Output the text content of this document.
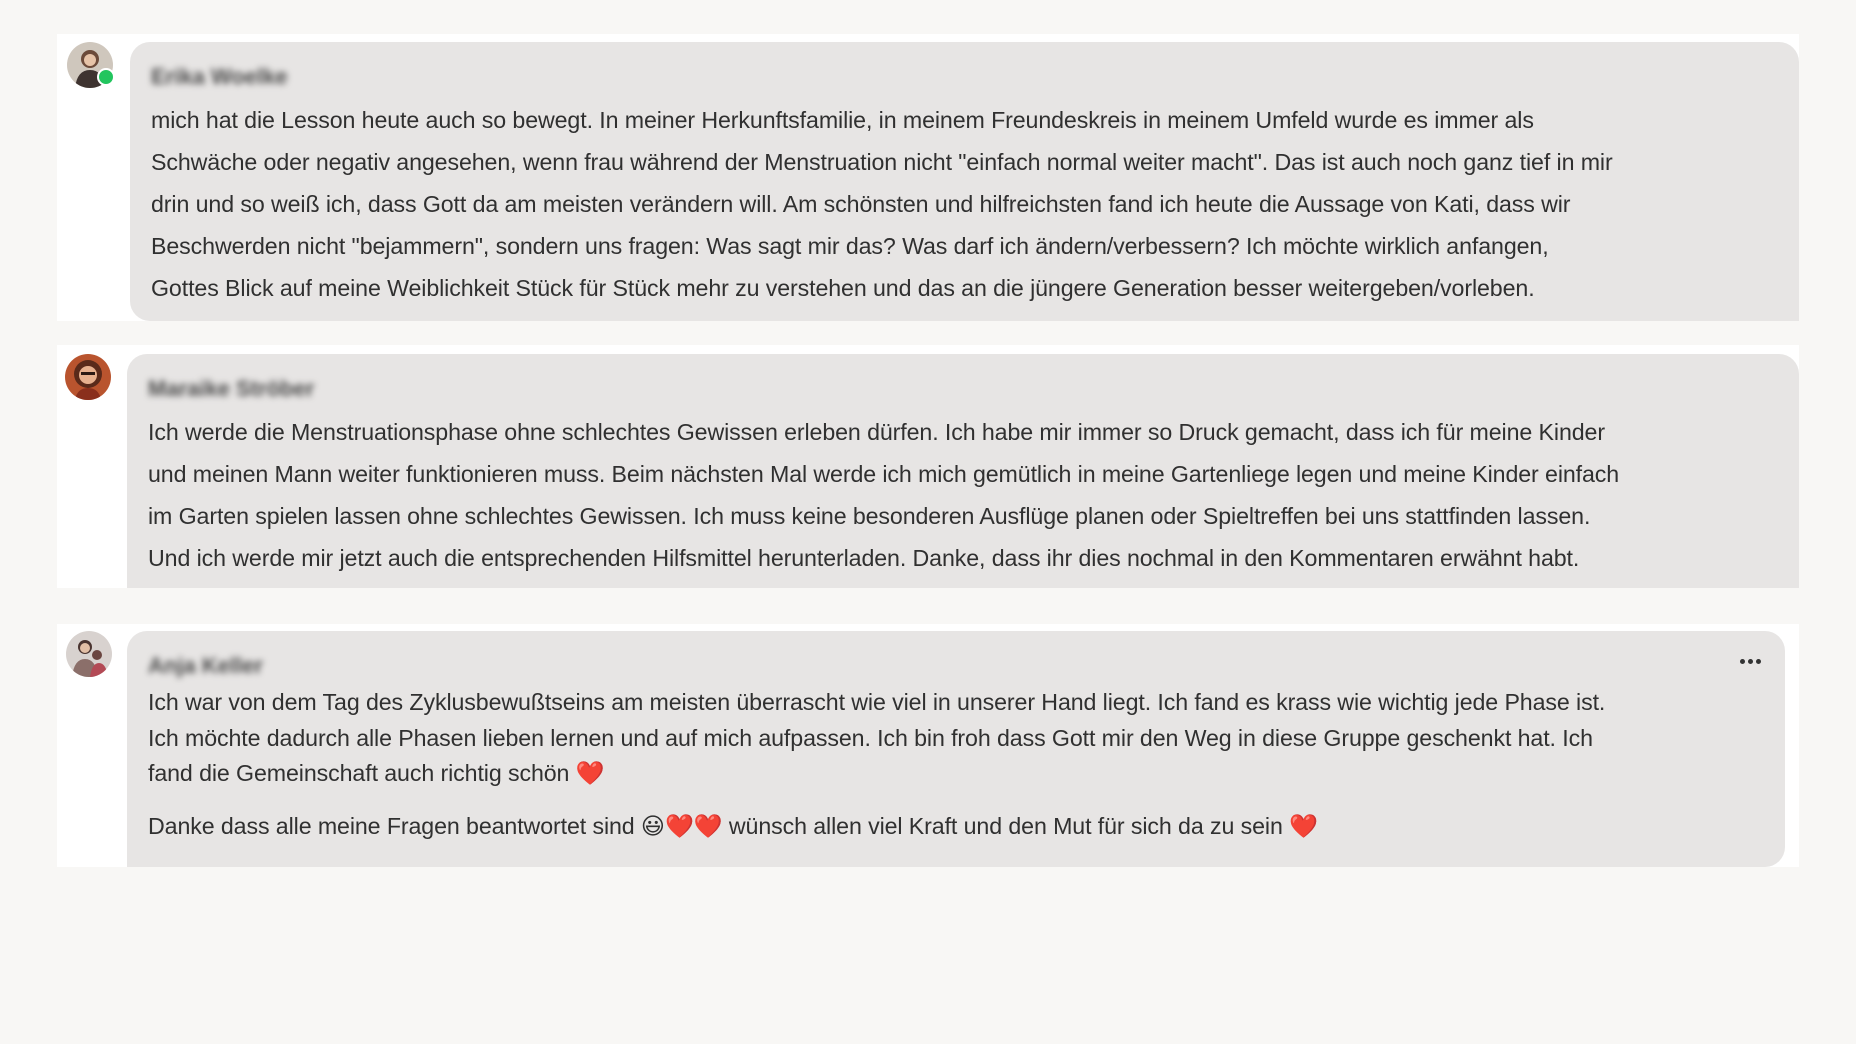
Erika Woelke

mich hat die Lesson heute auch so bewegt. In meiner Herkunftsfamilie, in meinem Freundeskreis in meinem Umfeld wurde es immer als

Schwäche oder negativ angesehen, wenn frau während der Menstruation nicht "einfach normal weiter macht". Das ist auch noch ganz tief in mir

drin und so weiß ich, dass Gott da am meisten verändern will. Am schönsten und hilfreichsten fand ich heute die Aussage von Kati, dass wir

Beschwerden nicht "bejammern", sondern uns fragen: Was sagt mir das? Was darf ich ändern/verbessern? Ich möchte wirklich anfangen,

Gottes Blick auf meine Weiblichkeit Stück für Stück mehr zu verstehen und das an die jüngere Generation besser weitergeben/vorleben.

Maraike Ströber

Ich werde die Menstruationsphase ohne schlechtes Gewissen erleben dürfen. Ich habe mir immer so Druck gemacht, dass ich für meine Kinder

und meinen Mann weiter funktionieren muss. Beim nächsten Mal werde ich mich gemütlich in meine Gartenliege legen und meine Kinder einfach

im Garten spielen lassen ohne schlechtes Gewissen. Ich muss keine besonderen Ausflüge planen oder Spieltreffen bei uns stattfinden lassen.

Und ich werde mir jetzt auch die entsprechenden Hilfsmittel herunterladen. Danke, dass ihr dies nochmal in den Kommentaren erwähnt habt.

Anja Keller

Ich war von dem Tag des Zyklusbewußtseins am meisten überrascht wie viel in unserer Hand liegt. Ich fand es krass wie wichtig jede Phase ist.

Ich möchte dadurch alle Phasen lieben lernen und auf mich aufpassen. Ich bin froh dass Gott mir den Weg in diese Gruppe geschenkt hat. Ich

fand die Gemeinschaft auch richtig schön ❤️

Danke dass alle meine Fragen beantwortet sind 😃❤️❤️ wünsch allen viel Kraft und den Mut für sich da zu sein ❤️
